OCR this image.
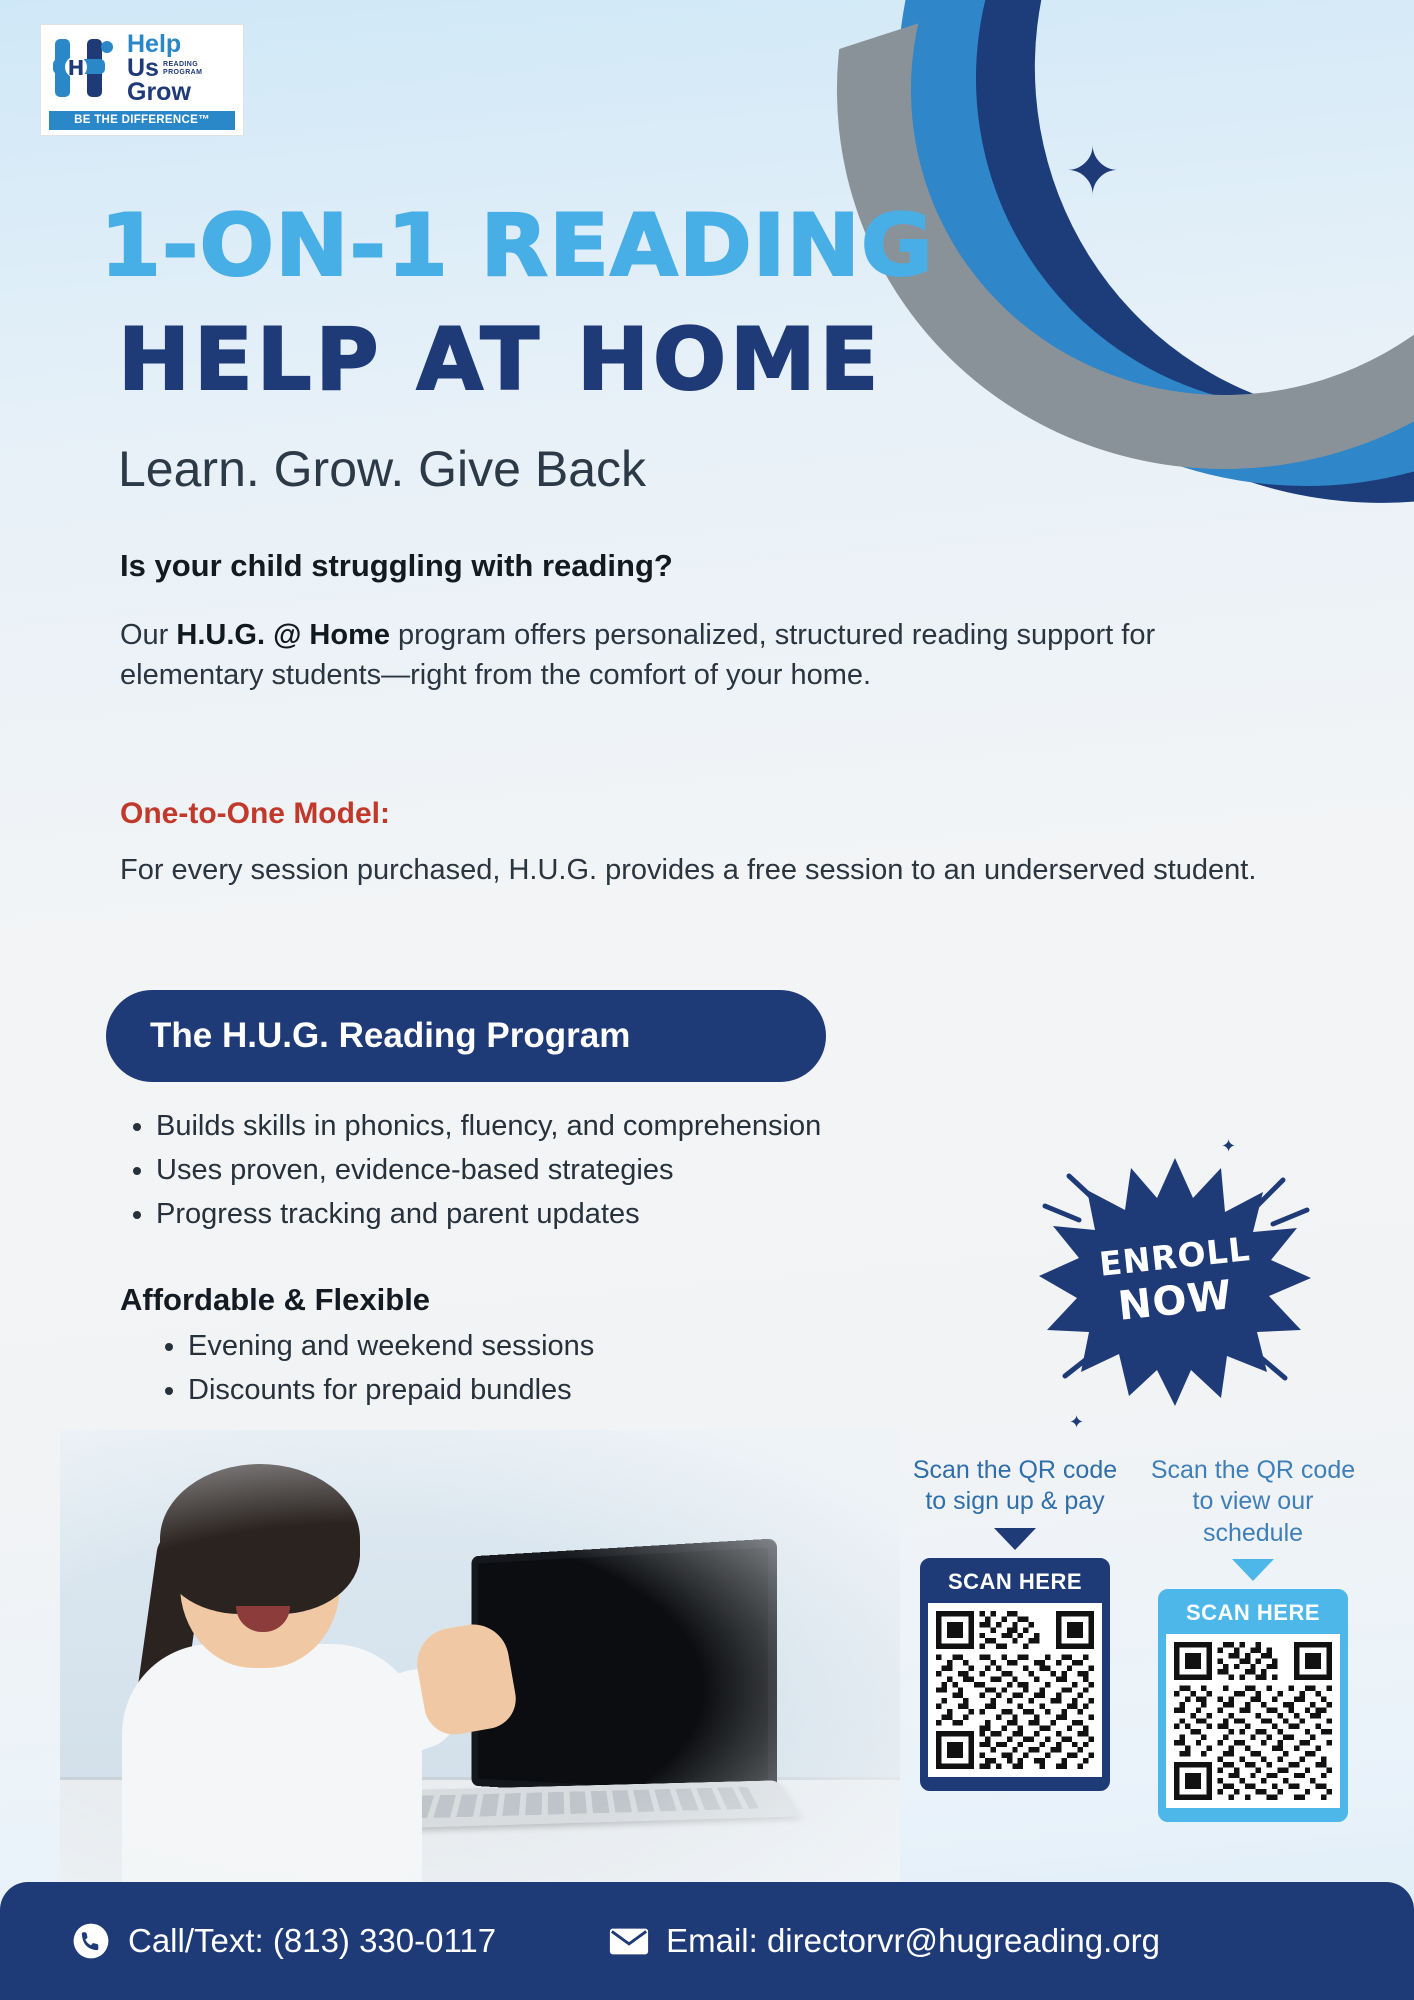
✦
H
Help
Us
Grow
READING PROGRAM
BE THE DIFFERENCE™
1-ON-1 READING
HELP AT HOME
Learn. Grow. Give Back
Is your child struggling with reading?
Our H.U.G. @ Home program offers personalized, structured reading support for elementary students—right from the comfort of your home.
One-to-One Model:
For every session purchased, H.U.G. provides a free session to an underserved student.
The H.U.G. Reading Program
• Builds skills in phonics, fluency, and comprehension
• Uses proven, evidence-based strategies
• Progress tracking and parent updates
Affordable & Flexible
• Evening and weekend sessions
• Discounts for prepaid bundles
ENROLL
NOW
✦
✦
Scan the QR code to sign up & pay
SCAN HERE
Scan the QR code to view our schedule
SCAN HERE
Call/Text: (813) 330-0117	Email: directorvr@hugreading.org
